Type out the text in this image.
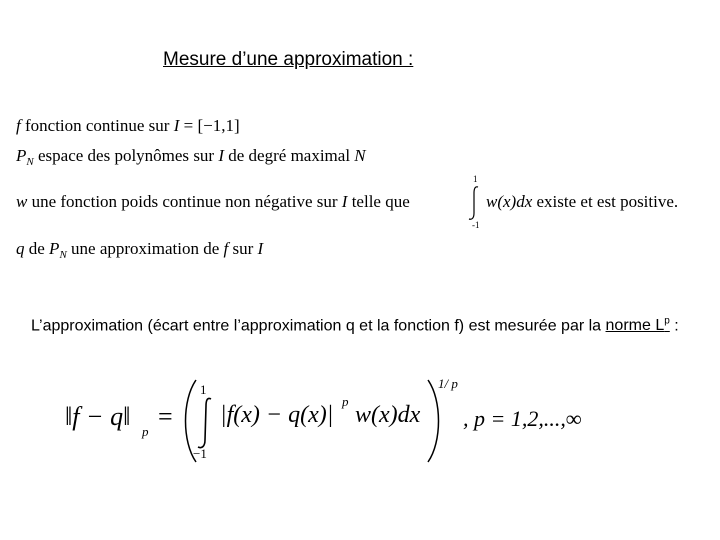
Mesure d’une approximation :
f fonction continue sur I = [−1,1]
$P_N$ espace des polynômes sur I de degré maximal N
w une fonction poids continue non négative sur I telle que
1
-1
w(x)dx existe et est positive.
q de $P_N$ une approximation de f sur I
L’approximation (écart entre l’approximation q et la fonction f) est mesurée par la norme $L^p$ :
‖f − q‖
p
=
1
−1
|f(x) − q(x)|
p
w(x)dx
1/ p
, p = 1,2,...,∞
